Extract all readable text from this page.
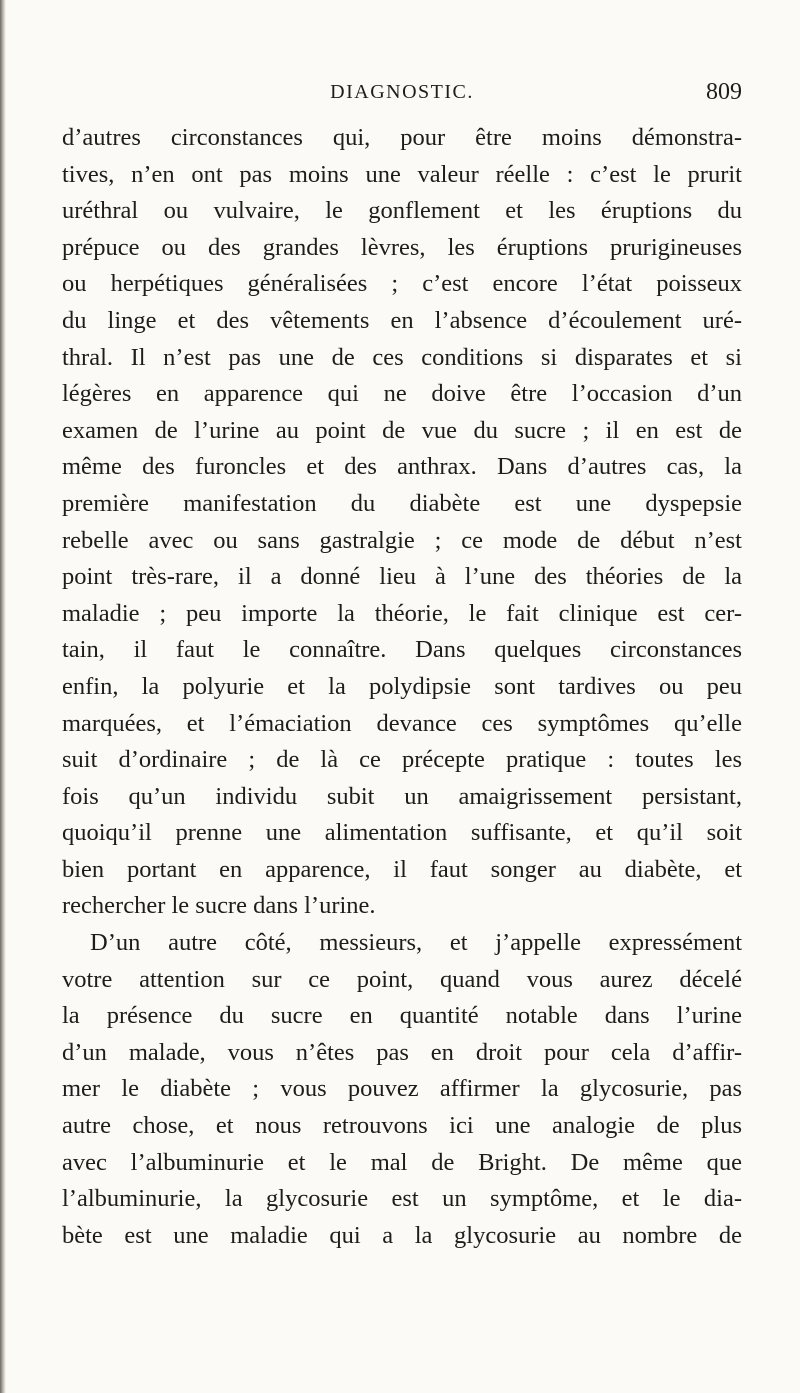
DIAGNOSTIC.	809
d’autres circonstances qui, pour être moins démonstra-
tives, n’en ont pas moins une valeur réelle : c’est le prurit
uréthral ou vulvaire, le gonflement et les éruptions du
prépuce ou des grandes lèvres, les éruptions prurigineuses
ou herpétiques généralisées ; c’est encore l’état poisseux
du linge et des vêtements en l’absence d’écoulement uré-
thral. Il n’est pas une de ces conditions si disparates et si
légères en apparence qui ne doive être l’occasion d’un
examen de l’urine au point de vue du sucre ; il en est de
même des furoncles et des anthrax. Dans d’autres cas, la
première manifestation du diabète est une dyspepsie
rebelle avec ou sans gastralgie ; ce mode de début n’est
point très-rare, il a donné lieu à l’une des théories de la
maladie ; peu importe la théorie, le fait clinique est cer-
tain, il faut le connaître. Dans quelques circonstances
enfin, la polyurie et la polydipsie sont tardives ou peu
marquées, et l’émaciation devance ces symptômes qu’elle
suit d’ordinaire ; de là ce précepte pratique : toutes les
fois qu’un individu subit un amaigrissement persistant,
quoiqu’il prenne une alimentation suffisante, et qu’il soit
bien portant en apparence, il faut songer au diabète, et
rechercher le sucre dans l’urine.
D’un autre côté, messieurs, et j’appelle expressément
votre attention sur ce point, quand vous aurez décelé
la présence du sucre en quantité notable dans l’urine
d’un malade, vous n’êtes pas en droit pour cela d’affir-
mer le diabète ; vous pouvez affirmer la glycosurie, pas
autre chose, et nous retrouvons ici une analogie de plus
avec l’albuminurie et le mal de Bright. De même que
l’albuminurie, la glycosurie est un symptôme, et le dia-
bète est une maladie qui a la glycosurie au nombre de
